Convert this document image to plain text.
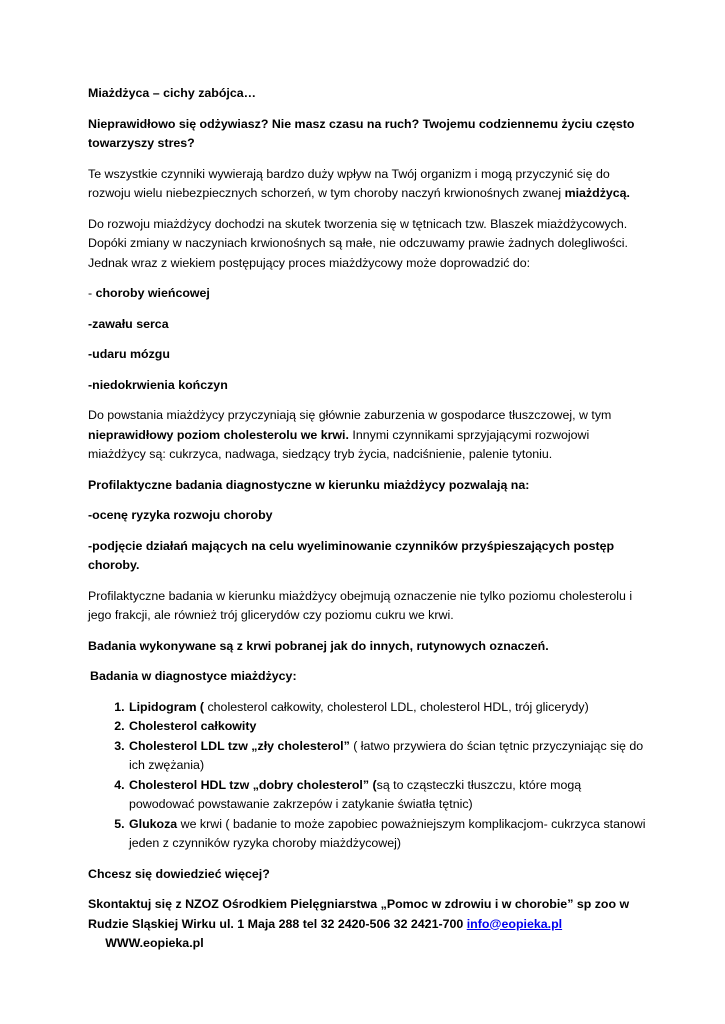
Miażdżyca – cichy zabójca…

Nieprawidłowo się odżywiasz? Nie masz czasu na ruch? Twojemu codziennemu życiu często towarzyszy stres?

Te wszystkie czynniki wywierają bardzo duży wpływ na Twój organizm i mogą przyczynić się do rozwoju wielu niebezpiecznych schorzeń, w tym choroby naczyń krwionośnych zwanej miażdżycą.

Do rozwoju miażdżycy dochodzi na skutek tworzenia się w tętnicach tzw. Blaszek miażdżycowych. Dopóki zmiany w naczyniach krwionośnych są małe, nie odczuwamy prawie żadnych dolegliwości. Jednak wraz z wiekiem postępujący proces miażdżycowy może doprowadzić do:

- choroby wieńcowej

-zawału serca

-udaru mózgu

-niedokrwienia kończyn

Do powstania miażdżycy przyczyniają się głównie zaburzenia w gospodarce tłuszczowej, w tym nieprawidłowy poziom cholesterolu we krwi. Innymi czynnikami sprzyjającymi rozwojowi miażdżycy są: cukrzyca, nadwaga, siedzący tryb życia, nadciśnienie, palenie tytoniu.

Profilaktyczne badania diagnostyczne w kierunku miażdżycy pozwalają na:

-ocenę ryzyka rozwoju choroby

-podjęcie działań mających na celu wyeliminowanie czynników przyśpieszających postęp choroby.

Profilaktyczne badania w kierunku miażdżycy obejmują oznaczenie nie tylko poziomu cholesterolu i jego frakcji, ale również trój glicerydów czy poziomu cukru we krwi.

Badania wykonywane są z krwi pobranej jak do innych, rutynowych oznaczeń.

Badania w diagnostyce miażdżycy:

1. Lipidogram ( cholesterol całkowity, cholesterol LDL, cholesterol HDL, trój glicerydy)
2. Cholesterol całkowity
3. Cholesterol LDL tzw „zły cholesterol” ( łatwo przywiera do ścian tętnic przyczyniając się do ich zwężania)
4. Cholesterol HDL tzw „dobry cholesterol” (są to cząsteczki tłuszczu, które mogą powodować powstawanie zakrzepów i zatykanie światła tętnic)
5. Glukoza we krwi ( badanie to może zapobiec poważniejszym komplikacjom- cukrzyca stanowi jeden z czynników ryzyka choroby miażdżycowej)

Chcesz się dowiedzieć więcej?

Skontaktuj się z NZOZ Ośrodkiem Pielęgniarstwa „Pomoc w zdrowiu i w chorobie” sp zoo w Rudzie Sląskiej Wirku ul. 1 Maja 288 tel 32 2420-506 32 2421-700 info@eopieka.pl     WWW.eopieka.pl
